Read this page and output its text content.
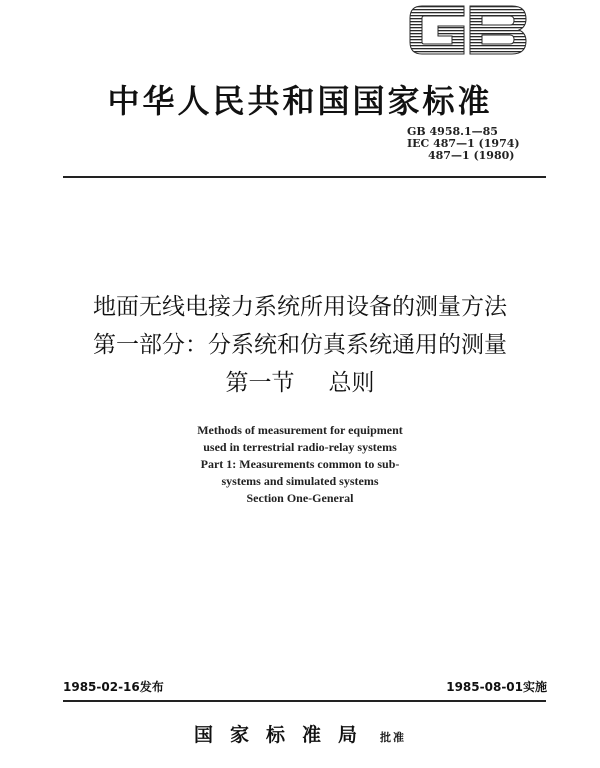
中华人民共和国国家标准
GB 4958.1—85
IEC 487—1 (1974)
487—1 (1980)
地面无线电接力系统所用设备的测量方法
第一部分：分系统和仿真系统通用的测量
第一节 总则
Methods of measurement for equipment
used in terrestrial radio-relay systems
Part 1: Measurements common to sub-
systems and simulated systems
Section One-General
1985-02-16发布	1985-08-01实施
国家标准局 批准
